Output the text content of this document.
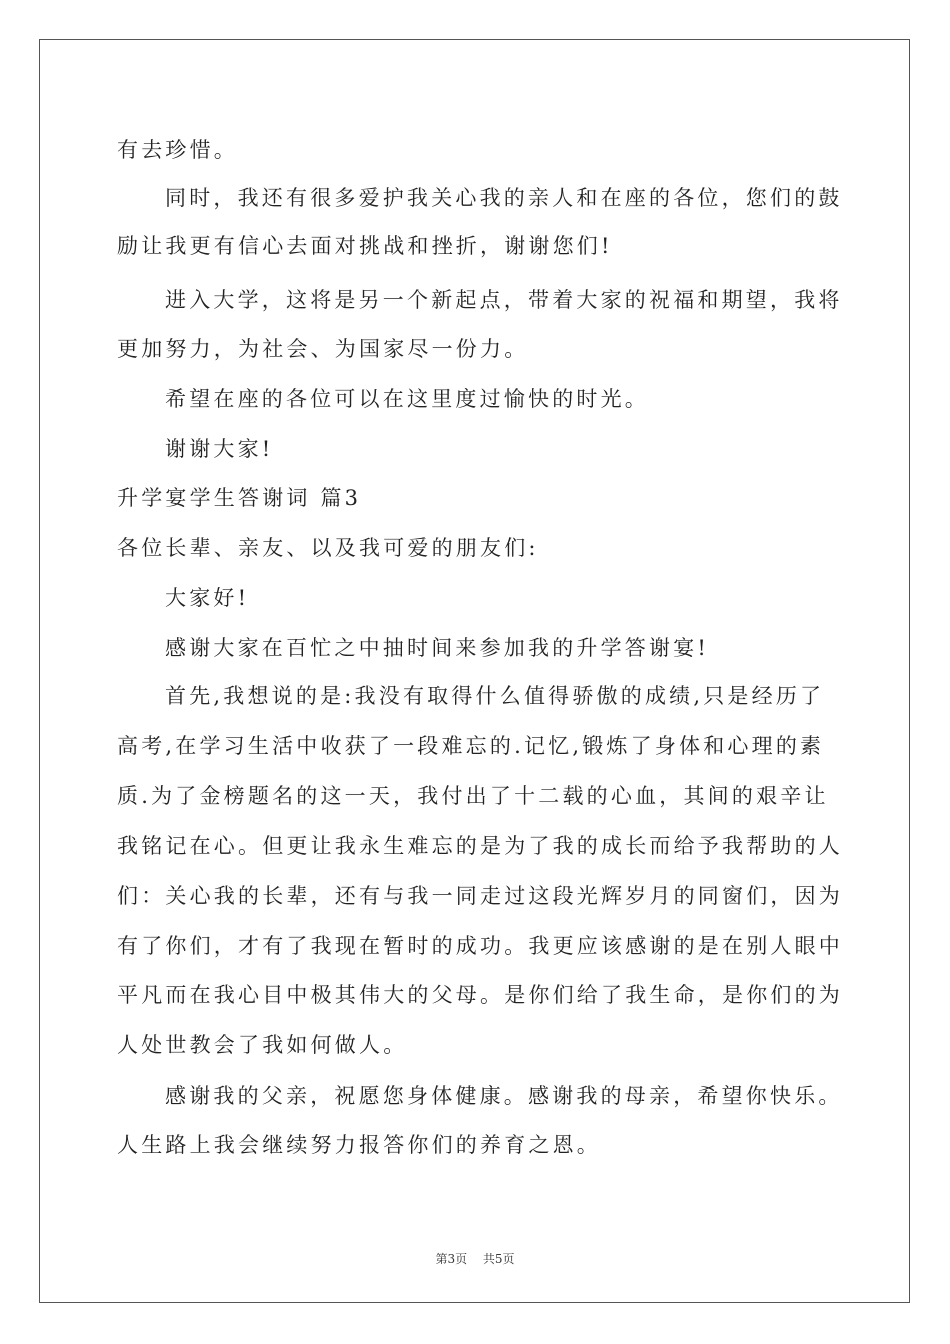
有去珍惜。
同时，我还有很多爱护我关心我的亲人和在座的各位，您们的鼓
励让我更有信心去面对挑战和挫折，谢谢您们!
进入大学，这将是另一个新起点，带着大家的祝福和期望，我将
更加努力，为社会、为国家尽一份力。
希望在座的各位可以在这里度过愉快的时光。
谢谢大家!
升学宴学生答谢词 篇3
各位长辈、亲友、以及我可爱的朋友们:
大家好!
感谢大家在百忙之中抽时间来参加我的升学答谢宴!
首先,我想说的是:我没有取得什么值得骄傲的成绩,只是经历了
高考,在学习生活中收获了一段难忘的.记忆,锻炼了身体和心理的素
质.为了金榜题名的这一天，我付出了十二载的心血，其间的艰辛让
我铭记在心。但更让我永生难忘的是为了我的成长而给予我帮助的人
们：关心我的长辈，还有与我一同走过这段光辉岁月的同窗们，因为
有了你们，才有了我现在暂时的成功。我更应该感谢的是在别人眼中
平凡而在我心目中极其伟大的父母。是你们给了我生命，是你们的为
人处世教会了我如何做人。
感谢我的父亲，祝愿您身体健康。感谢我的母亲，希望你快乐。
人生路上我会继续努力报答你们的养育之恩。
第3页 共5页
